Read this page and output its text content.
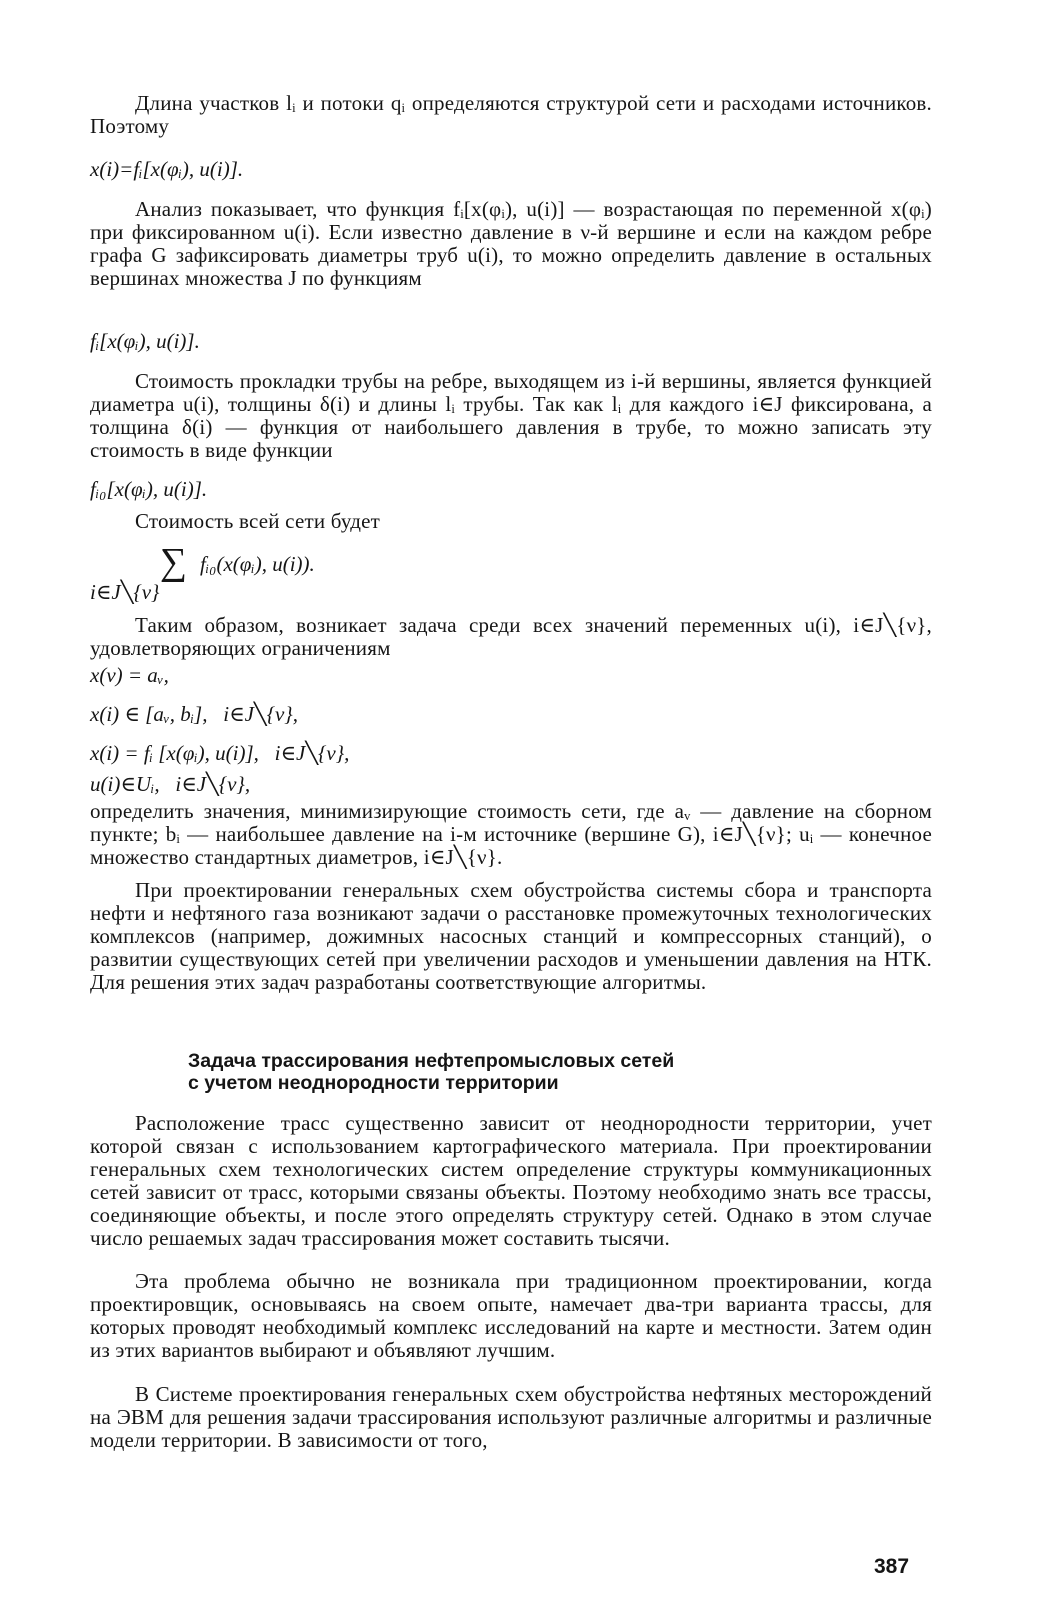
Длина участков lᵢ и потоки qᵢ определяются структурой сети и расходами источников. Поэтому

x(i)=fᵢ[x(φᵢ), u(i)].

Анализ показывает, что функция fᵢ[x(φᵢ), u(i)] — возрастающая по переменной x(φᵢ) при фиксированном u(i). Если известно давление в ν-й вершине и если на каждом ребре графа G зафиксировать диаметры труб u(i), то можно определить давление в остальных вершинах множества J по функциям

fᵢ[x(φᵢ), u(i)].

Стоимость прокладки трубы на ребре, выходящем из i-й вершины, является функцией диаметра u(i), толщины δ(i) и длины lᵢ трубы. Так как lᵢ для каждого i∈J фиксирована, а толщина δ(i) — функция от наибольшего давления в трубе, то можно записать эту стоимость в виде функции

fᵢ₀[x(φᵢ), u(i)].

Стоимость всей сети будет

∑ fᵢ₀(x(φᵢ), u(i)).

i∈J╲{ν}

Таким образом, возникает задача среди всех значений переменных u(i), i∈J╲{ν}, удовлетворяющих ограничениям

x(ν) = aᵥ,

x(i) ∈ [aᵥ, bᵢ],   i∈J╲{ν},

x(i) = fᵢ [x(φᵢ), u(i)],   i∈J╲{ν},

u(i)∈Uᵢ,   i∈J╲{ν},

определить значения, минимизирующие стоимость сети, где aᵥ — давление на сборном пункте; bᵢ — наибольшее давление на i-м источнике (вершине G), i∈J╲{ν}; uᵢ — конечное множество стандартных диаметров, i∈J╲{ν}.

При проектировании генеральных схем обустройства системы сбора и транспорта нефти и нефтяного газа возникают задачи о расстановке промежуточных технологических комплексов (например, дожимных насосных станций и компрессорных станций), о развитии существующих сетей при увеличении расходов и уменьшении давления на НТК. Для решения этих задач разработаны соответствующие алгоритмы.

Задача трассирования нефтепромысловых сетей

с учетом неоднородности территории

Расположение трасс существенно зависит от неоднородности территории, учет которой связан с использованием картографического материала. При проектировании генеральных схем технологических систем определение структуры коммуникационных сетей зависит от трасс, которыми связаны объекты. Поэтому необходимо знать все трассы, соединяющие объекты, и после этого определять структуру сетей. Однако в этом случае число решаемых задач трассирования может составить тысячи.

Эта проблема обычно не возникала при традиционном проектировании, когда проектировщик, основываясь на своем опыте, намечает два-три варианта трассы, для которых проводят необходимый комплекс исследований на карте и местности. Затем один из этих вариантов выбирают и объявляют лучшим.

В Системе проектирования генеральных схем обустройства нефтяных месторождений на ЭВМ для решения задачи трассирования используют различные алгоритмы и различные модели территории. В зависимости от того,

387
